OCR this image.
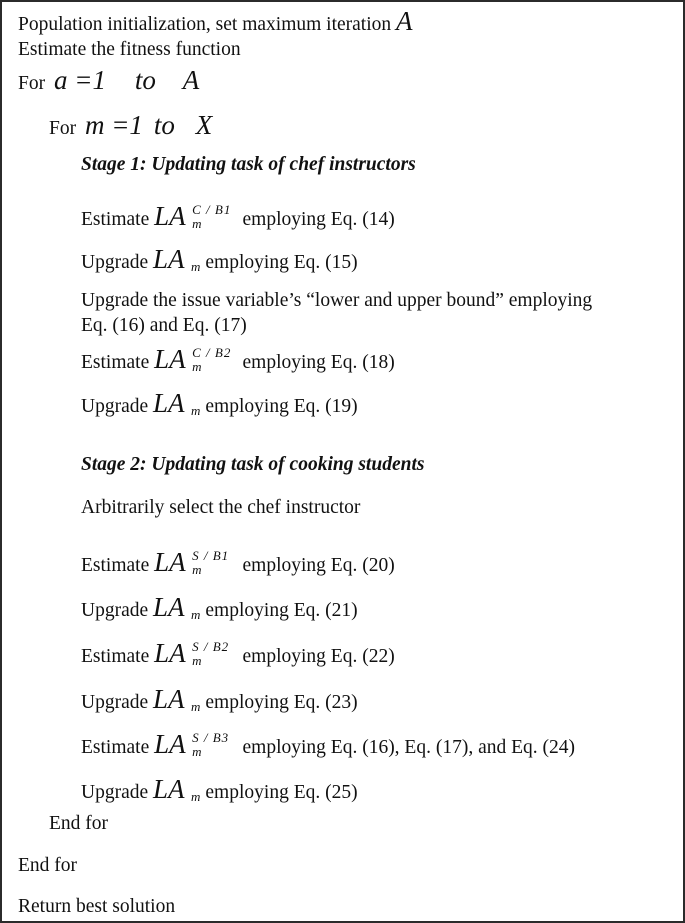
Population initialization, set maximum iteration A
Estimate the fitness function
For a =1 to A
For m =1 to X
Stage 1: Updating task of chef instructors
Estimate LA C / B1
m employing Eq. (14)
Upgrade LA m employing Eq. (15)
Upgrade the issue variable’s “lower and upper bound” employing
Eq. (16) and Eq. (17)
Estimate LA C / B2
m employing Eq. (18)
Upgrade LA m employing Eq. (19)
Stage 2: Updating task of cooking students
Arbitrarily select the chef instructor
Estimate LA S / B1
m employing Eq. (20)
Upgrade LA m employing Eq. (21)
Estimate LA S / B2
m employing Eq. (22)
Upgrade LA m employing Eq. (23)
Estimate LA S / B3
m employing Eq. (16), Eq. (17), and Eq. (24)
Upgrade LA m employing Eq. (25)
End for
End for
Return best solution
